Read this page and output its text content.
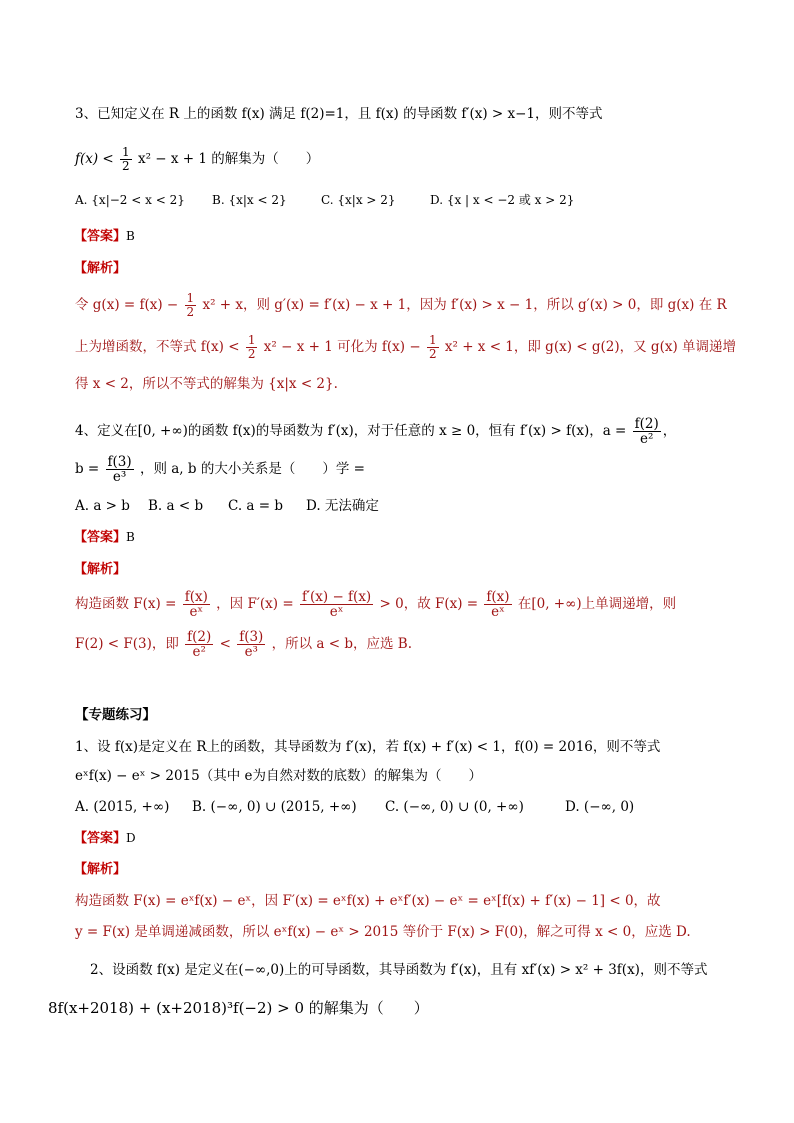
3、已知定义在 R 上的函数 f(x) 满足 f(2)=1，且 f(x) 的导函数 f′(x) > x−1，则不等式
$f(x) < \frac{1}{2} x^2 - x + 1$ 的解集为（　　）
A. {x|−2 < x < 2} B. {x|x < 2}	C. {x|x > 2}	D. {x | x < −2 或 x > 2}
【答案】B
【解析】
令 $g(x) = f(x) - \frac{1}{2} x^2 + x$，则 g′(x) = f′(x) − x + 1，因为 f′(x) > x − 1，所以 g′(x) > 0，即 g(x) 在 R
上为增函数，不等式 $f(x) < \frac{1}{2} x^2 - x + 1$ 可化为 $f(x) - \frac{1}{2} x^2 + x < 1$，即 g(x) < g(2)，又 g(x) 单调递增
得 x < 2，所以不等式的解集为 {x|x < 2}.
4、定义在[0, +∞)的函数 f(x)的导函数为 f′(x)，对于任意的 x ≥ 0，恒有 f′(x) > f(x)，$a = \frac{f(2)}{\text{e²}}$ ，
$b = \frac{f(3)}{\text{e³}}$ ，则 a, b 的大小关系是（　　）学 =
A. a > b B. a < b C. a = b D. 无法确定
【答案】B
【解析】
构造函数 $F(x) = \frac{f(x)}{\text{eˣ}}$ ，因 $F'(x) = \frac{f'(x) - f(x)}{\text{eˣ}} > 0$，故 $F(x) = \frac{f(x)}{\text{eˣ}}$ 在[0, +∞)上单调递增，则
F(2) < F(3)，即 $\frac{f(2)}{\text{e²}} < \frac{f(3)}{\text{e³}}$ ，所以 a < b，应选 B.
【专题练习】
1、设 f(x)是定义在 R上的函数，其导函数为 f′(x)，若 f(x) + f′(x) < 1，f(0) = 2016，则不等式
eˣf(x) − eˣ > 2015（其中 e为自然对数的底数）的解集为（　　）
A. (2015, +∞) B. (−∞, 0) ∪ (2015, +∞) C. (−∞, 0) ∪ (0, +∞)	D. (−∞, 0)
【答案】D
【解析】
构造函数 F(x) = eˣf(x) − eˣ，因 F′(x) = eˣf(x) + eˣf′(x) − eˣ = eˣ[f(x) + f′(x) − 1] < 0，故
y = F(x) 是单调递减函数，所以 eˣf(x) − eˣ > 2015 等价于 F(x) > F(0)，解之可得 x < 0，应选 D.
2、设函数 f(x) 是定义在(−∞,0)上的可导函数，其导函数为 f′(x)，且有 xf′(x) > x² + 3f(x)，则不等式
8f(x+2018) + (x+2018)³f(−2) > 0 的解集为（　　）
